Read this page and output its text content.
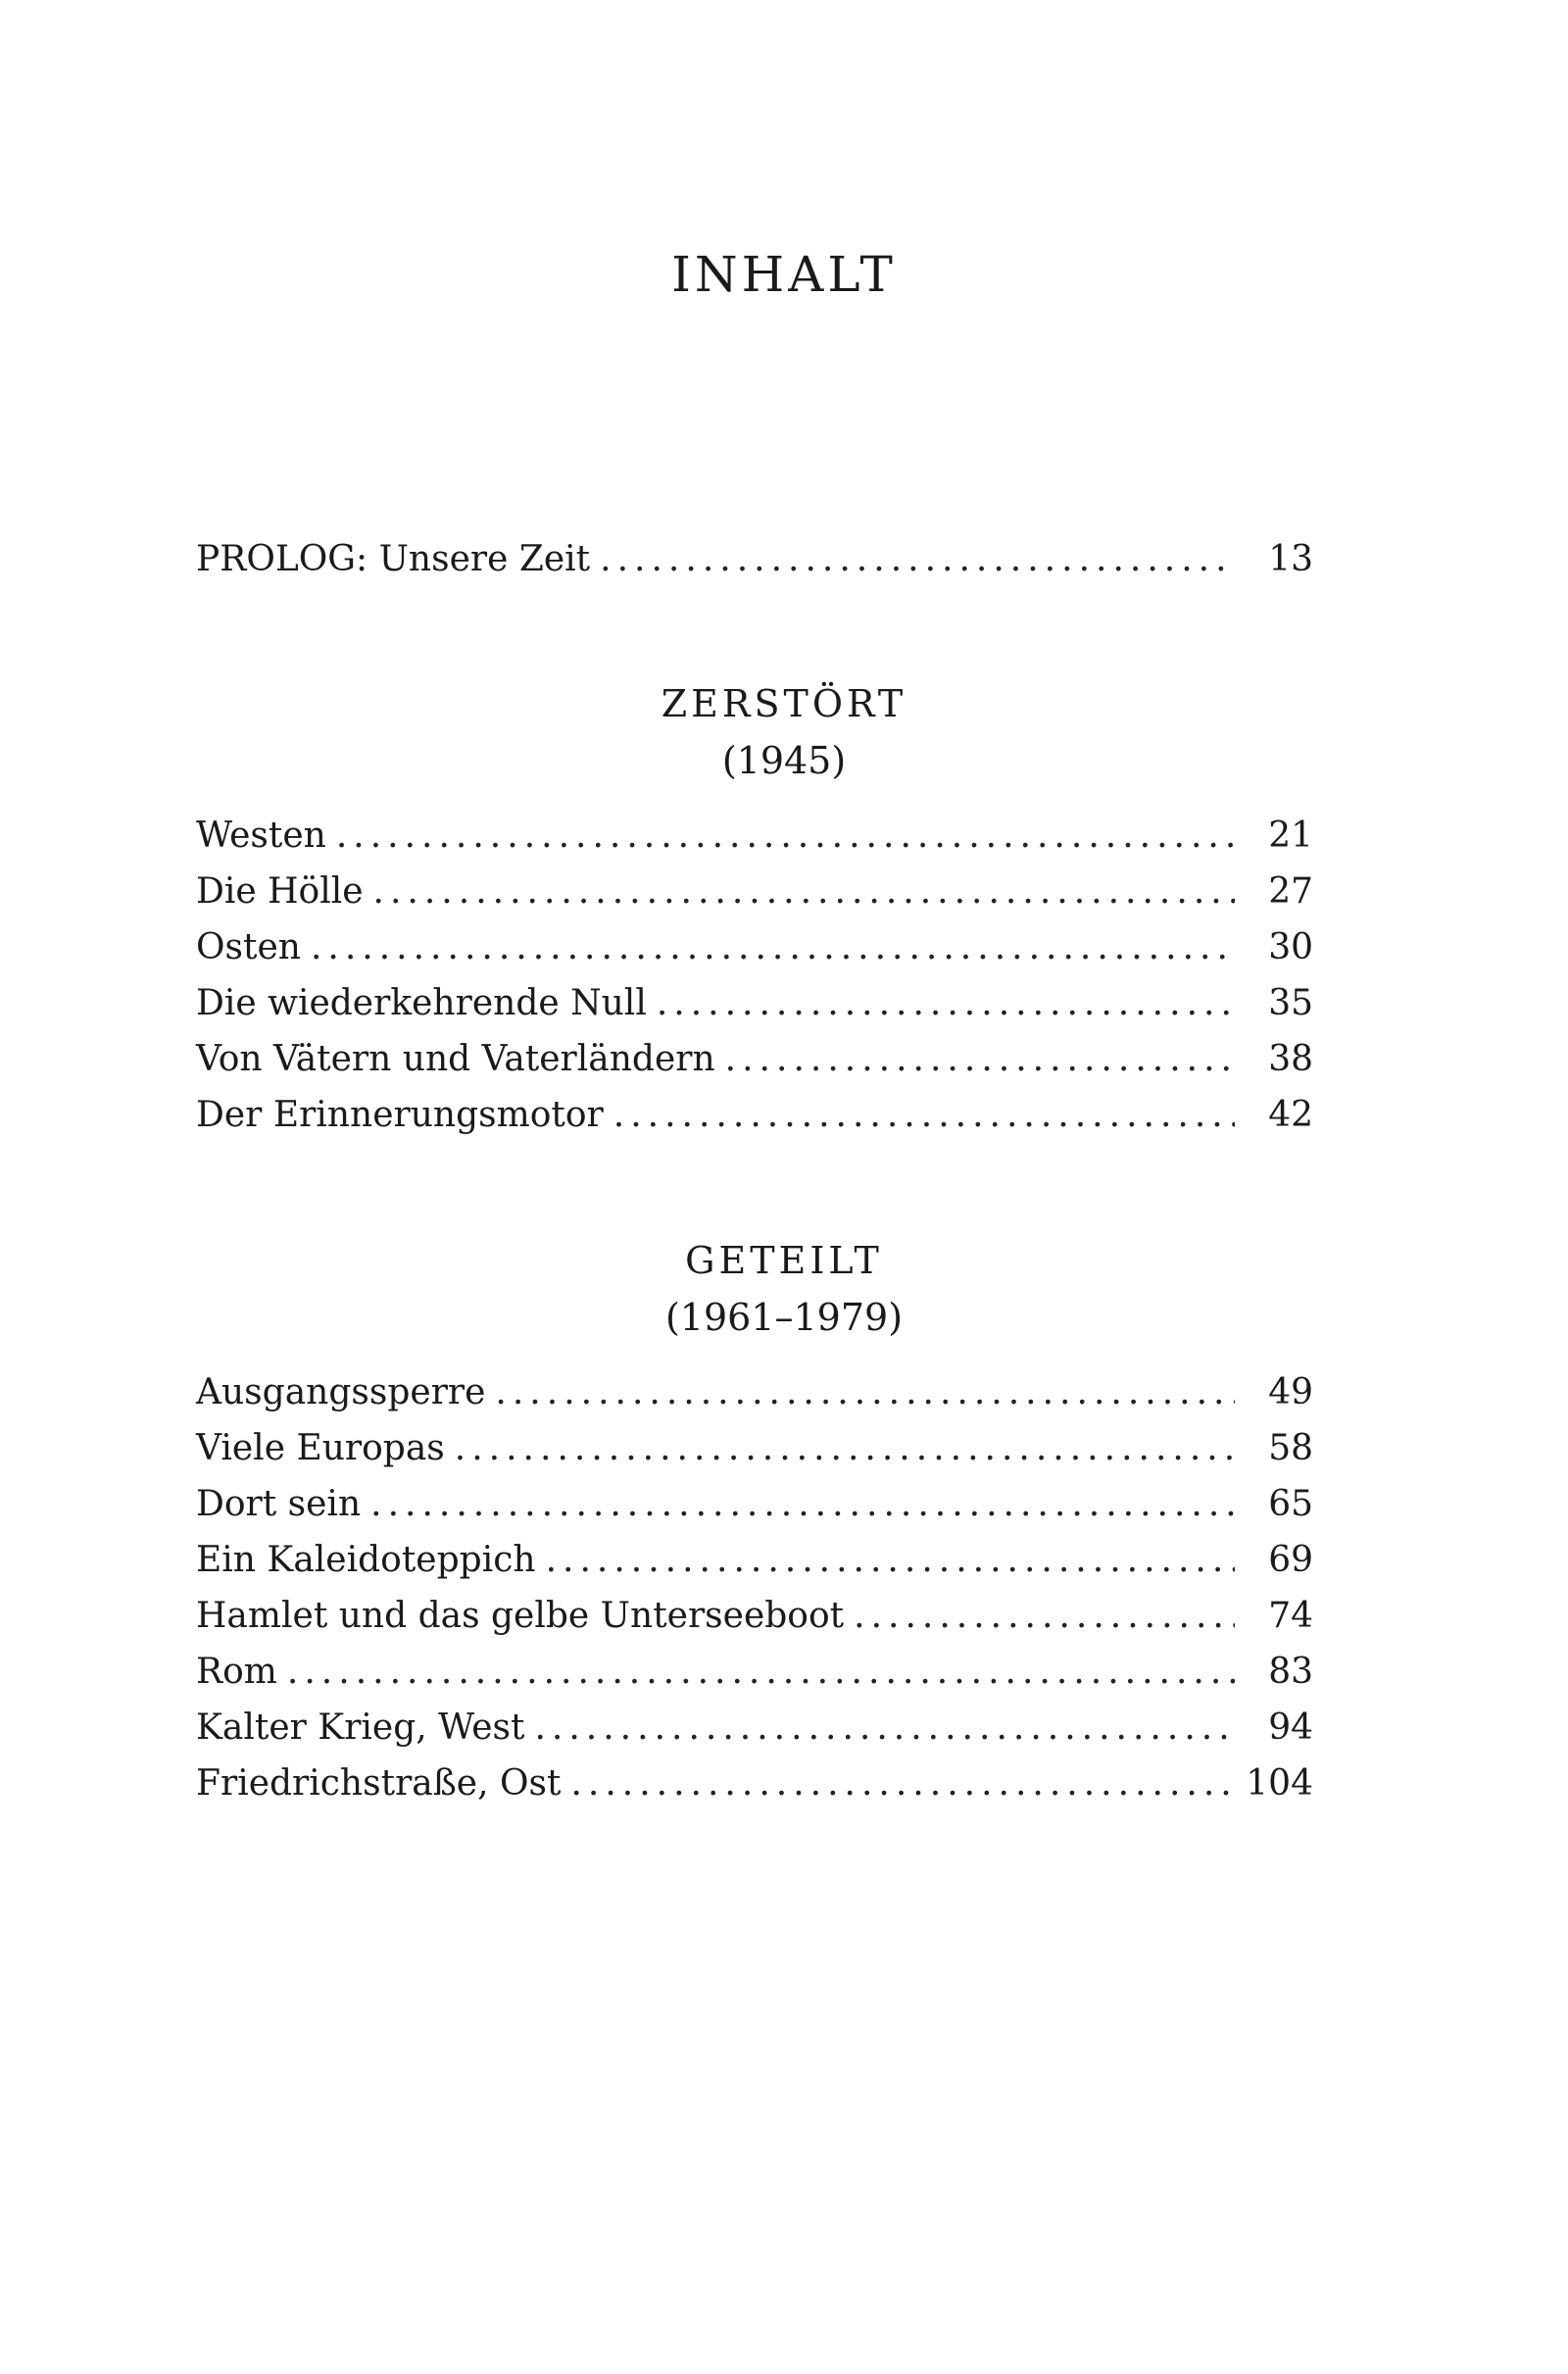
INHALT
PROLOG: Unsere Zeit .....	13
ZERSTÖRT
(1945)
Westen .....	21
Die Hölle .....	27
Osten .....	30
Die wiederkehrende Null .....	35
Von Vätern und Vaterländern .....	38
Der Erinnerungsmotor .....	42
GETEILT
(1961–1979)
Ausgangssperre .....	49
Viele Europas .....	58
Dort sein .....	65
Ein Kaleidoteppich .....	69
Hamlet und das gelbe Unterseeboot .....	74
Rom .....	83
Kalter Krieg, West .....	94
Friedrichstraße, Ost .....	104
